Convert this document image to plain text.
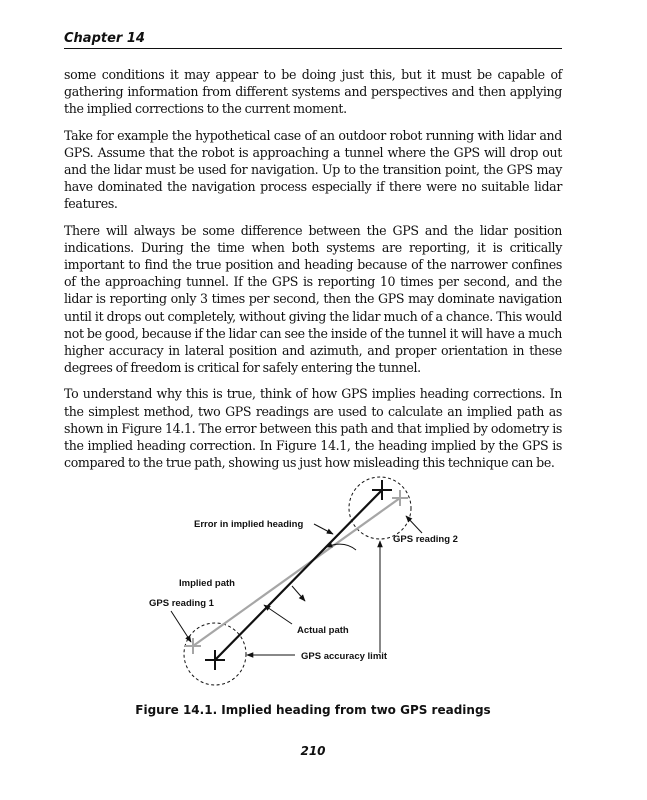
Chapter 14

some conditions it may appear to be doing just this, but it must be capable of gathering information from different systems and perspectives and then applying the implied corrections to the current moment.

Take for example the hypothetical case of an outdoor robot running with lidar and GPS. Assume that the robot is approaching a tunnel where the GPS will drop out and the lidar must be used for navigation. Up to the transition point, the GPS may have dominated the navigation process especially if there were no suitable lidar features.

There will always be some difference between the GPS and the lidar position indications. During the time when both systems are reporting, it is critically important to find the true position and heading because of the narrower confines of the approaching tunnel. If the GPS is reporting 10 times per second, and the lidar is reporting only 3 times per second, then the GPS may dominate navigation until it drops out completely, without giving the lidar much of a chance. This would not be good, because if the lidar can see the inside of the tunnel it will have a much higher accuracy in lateral position and azimuth, and proper orientation in these degrees of freedom is critical for safely entering the tunnel.

To understand why this is true, think of how GPS implies heading corrections. In the simplest method, two GPS readings are used to calculate an implied path as shown in Figure 14.1. The error between this path and that implied by odometry is the implied heading correction. In Figure 14.1, the heading implied by the GPS is compared to the true path, showing us just how misleading this technique can be.

Error in implied heading
GPS reading 2
Implied path
GPS reading 1
Actual path
GPS accuracy limit
Figure 14.1. Implied heading from two GPS readings
210
